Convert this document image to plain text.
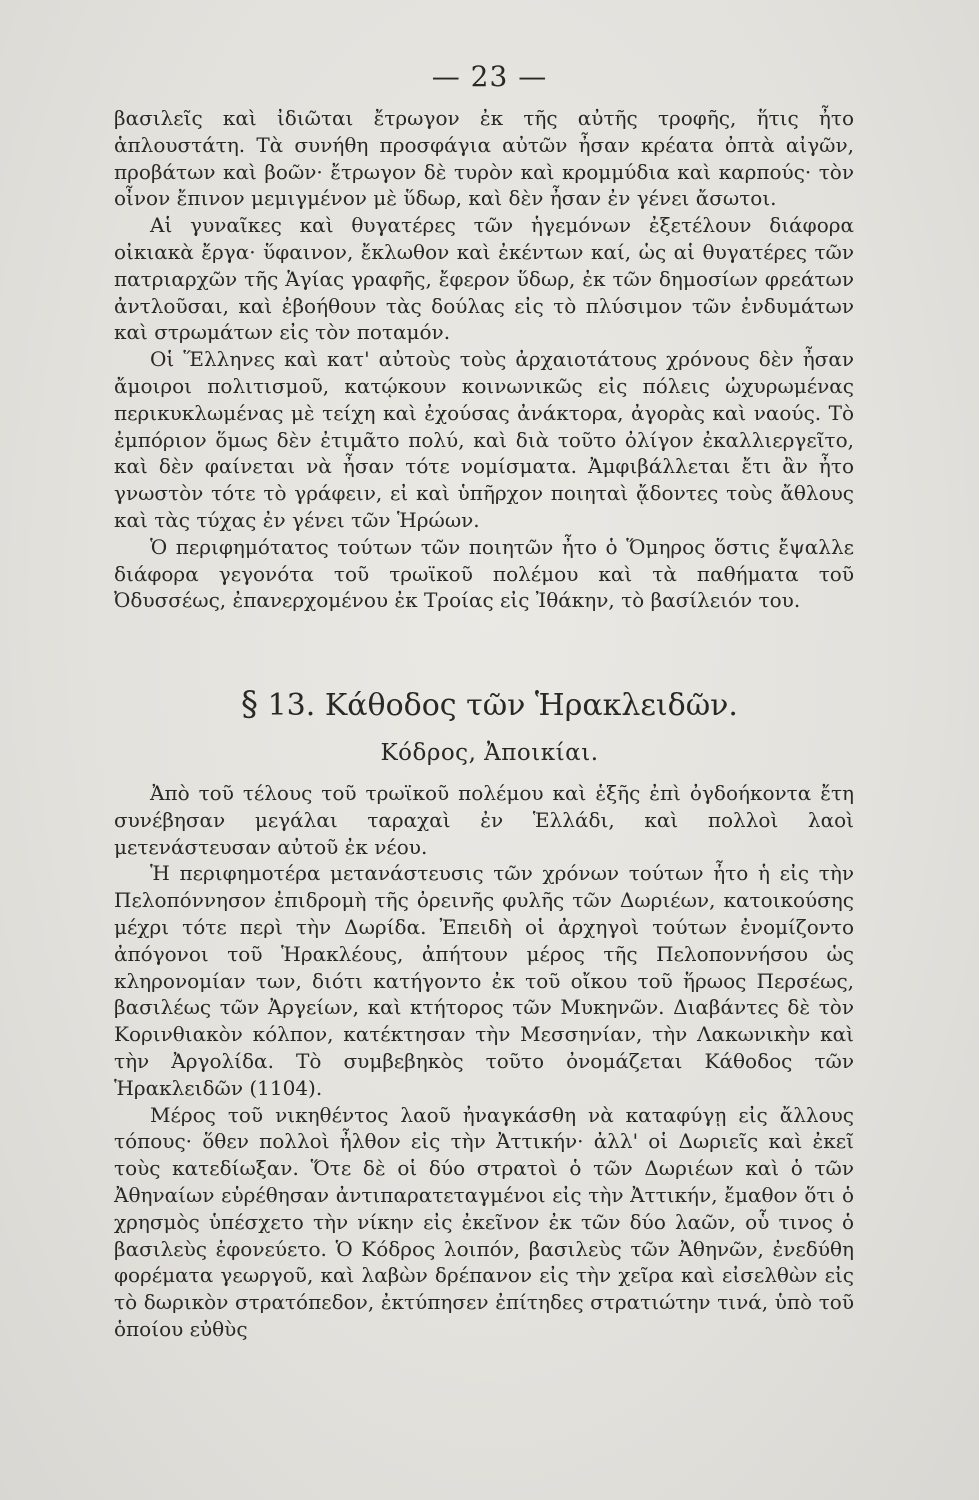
— 23 —

βασιλεῖς καὶ ἰδιῶται ἔτρωγον ἐκ τῆς αὐτῆς τροφῆς, ἥτις ἦτο ἁπλουστάτη. Τὰ συνήθη προσφάγια αὐτῶν ἦσαν κρέατα ὀπτὰ αἰγῶν, προβάτων καὶ βοῶν· ἔτρωγον δὲ τυρὸν καὶ κρομμύδια καὶ καρπούς· τὸν οἶνον ἔπινον μεμιγμένον μὲ ὕδωρ, καὶ δὲν ἦσαν ἐν γένει ἄσωτοι.

Αἱ γυναῖκες καὶ θυγατέρες τῶν ἡγεμόνων ἐξετέλουν διάφορα οἰκιακὰ ἔργα· ὕφαινον, ἔκλωθον καὶ ἐκέντων καί, ὡς αἱ θυγατέρες τῶν πατριαρχῶν τῆς Ἁγίας γραφῆς, ἔφερον ὕδωρ, ἐκ τῶν δημοσίων φρεάτων ἀντλοῦσαι, καὶ ἐβοήθουν τὰς δούλας εἰς τὸ πλύσιμον τῶν ἐνδυμάτων καὶ στρωμάτων εἰς τὸν ποταμόν.

Οἱ Ἕλληνες καὶ κατ' αὐτοὺς τοὺς ἀρχαιοτάτους χρόνους δὲν ἦσαν ἄμοιροι πολιτισμοῦ, κατῴκουν κοινωνικῶς εἰς πόλεις ὠχυρωμένας περικυκλωμένας μὲ τείχη καὶ ἐχούσας ἀνάκτορα, ἀγορὰς καὶ ναούς. Τὸ ἐμπόριον ὅμως δὲν ἐτιμᾶτο πολύ, καὶ διὰ τοῦτο ὀλίγον ἐκαλλιεργεῖτο, καὶ δὲν φαίνεται νὰ ἦσαν τότε νομίσματα. Ἀμφιβάλλεται ἔτι ἂν ἦτο γνωστὸν τότε τὸ γράφειν, εἰ καὶ ὑπῆρχον ποιηταὶ ᾄδοντες τοὺς ἄθλους καὶ τὰς τύχας ἐν γένει τῶν Ἡρώων.

Ὁ περιφημότατος τούτων τῶν ποιητῶν ἦτο ὁ Ὅμηρος ὅστις ἔψαλλε διάφορα γεγονότα τοῦ τρωϊκοῦ πολέμου καὶ τὰ παθήματα τοῦ Ὀδυσσέως, ἐπανερχομένου ἐκ Τροίας εἰς Ἰθάκην, τὸ βασίλειόν του.

§ 13. Κάθοδος τῶν Ἡρακλειδῶν.
Κόδρος, Ἀποικίαι.

Ἀπὸ τοῦ τέλους τοῦ τρωϊκοῦ πολέμου καὶ ἑξῆς ἐπὶ ὀγδοήκοντα ἔτη συνέβησαν μεγάλαι ταραχαὶ ἐν Ἑλλάδι, καὶ πολλοὶ λαοὶ μετενάστευσαν αὐτοῦ ἐκ νέου.

Ἡ περιφημοτέρα μετανάστευσις τῶν χρόνων τούτων ἦτο ἡ εἰς τὴν Πελοπόννησον ἐπιδρομὴ τῆς ὀρεινῆς φυλῆς τῶν Δωριέων, κατοικούσης μέχρι τότε περὶ τὴν Δωρίδα. Ἐπειδὴ οἱ ἀρχηγοὶ τούτων ἐνομίζοντο ἀπόγονοι τοῦ Ἡρακλέους, ἀπήτουν μέρος τῆς Πελοποννήσου ὡς κληρονομίαν των, διότι κατήγοντο ἐκ τοῦ οἴκου τοῦ ἥρωος Περσέως, βασιλέως τῶν Ἀργείων, καὶ κτήτορος τῶν Μυκηνῶν. Διαβάντες δὲ τὸν Κορινθιακὸν κόλπον, κατέκτησαν τὴν Μεσσηνίαν, τὴν Λακωνικὴν καὶ τὴν Ἀργολίδα. Τὸ συμβεβηκὸς τοῦτο ὀνομάζεται Κάθοδος τῶν Ἡρακλειδῶν (1104).

Μέρος τοῦ νικηθέντος λαοῦ ἠναγκάσθη νὰ καταφύγῃ εἰς ἄλλους τόπους· ὅθεν πολλοὶ ἦλθον εἰς τὴν Ἀττικήν· ἀλλ' οἱ Δωριεῖς καὶ ἐκεῖ τοὺς κατεδίωξαν. Ὅτε δὲ οἱ δύο στρατοὶ ὁ τῶν Δωριέων καὶ ὁ τῶν Ἀθηναίων εὑρέθησαν ἀντιπαρατεταγμένοι εἰς τὴν Ἀττικήν, ἔμαθον ὅτι ὁ χρησμὸς ὑπέσχετο τὴν νίκην εἰς ἐκεῖνον ἐκ τῶν δύο λαῶν, οὗ τινος ὁ βασιλεὺς ἐφονεύετο. Ὁ Κόδρος λοιπόν, βασιλεὺς τῶν Ἀθηνῶν, ἐνεδύθη φορέματα γεωργοῦ, καὶ λαβὼν δρέπανον εἰς τὴν χεῖρα καὶ εἰσελθὼν εἰς τὸ δωρικὸν στρατόπεδον, ἐκτύπησεν ἐπίτηδες στρατιώτην τινά, ὑπὸ τοῦ ὁποίου εὐθὺς
